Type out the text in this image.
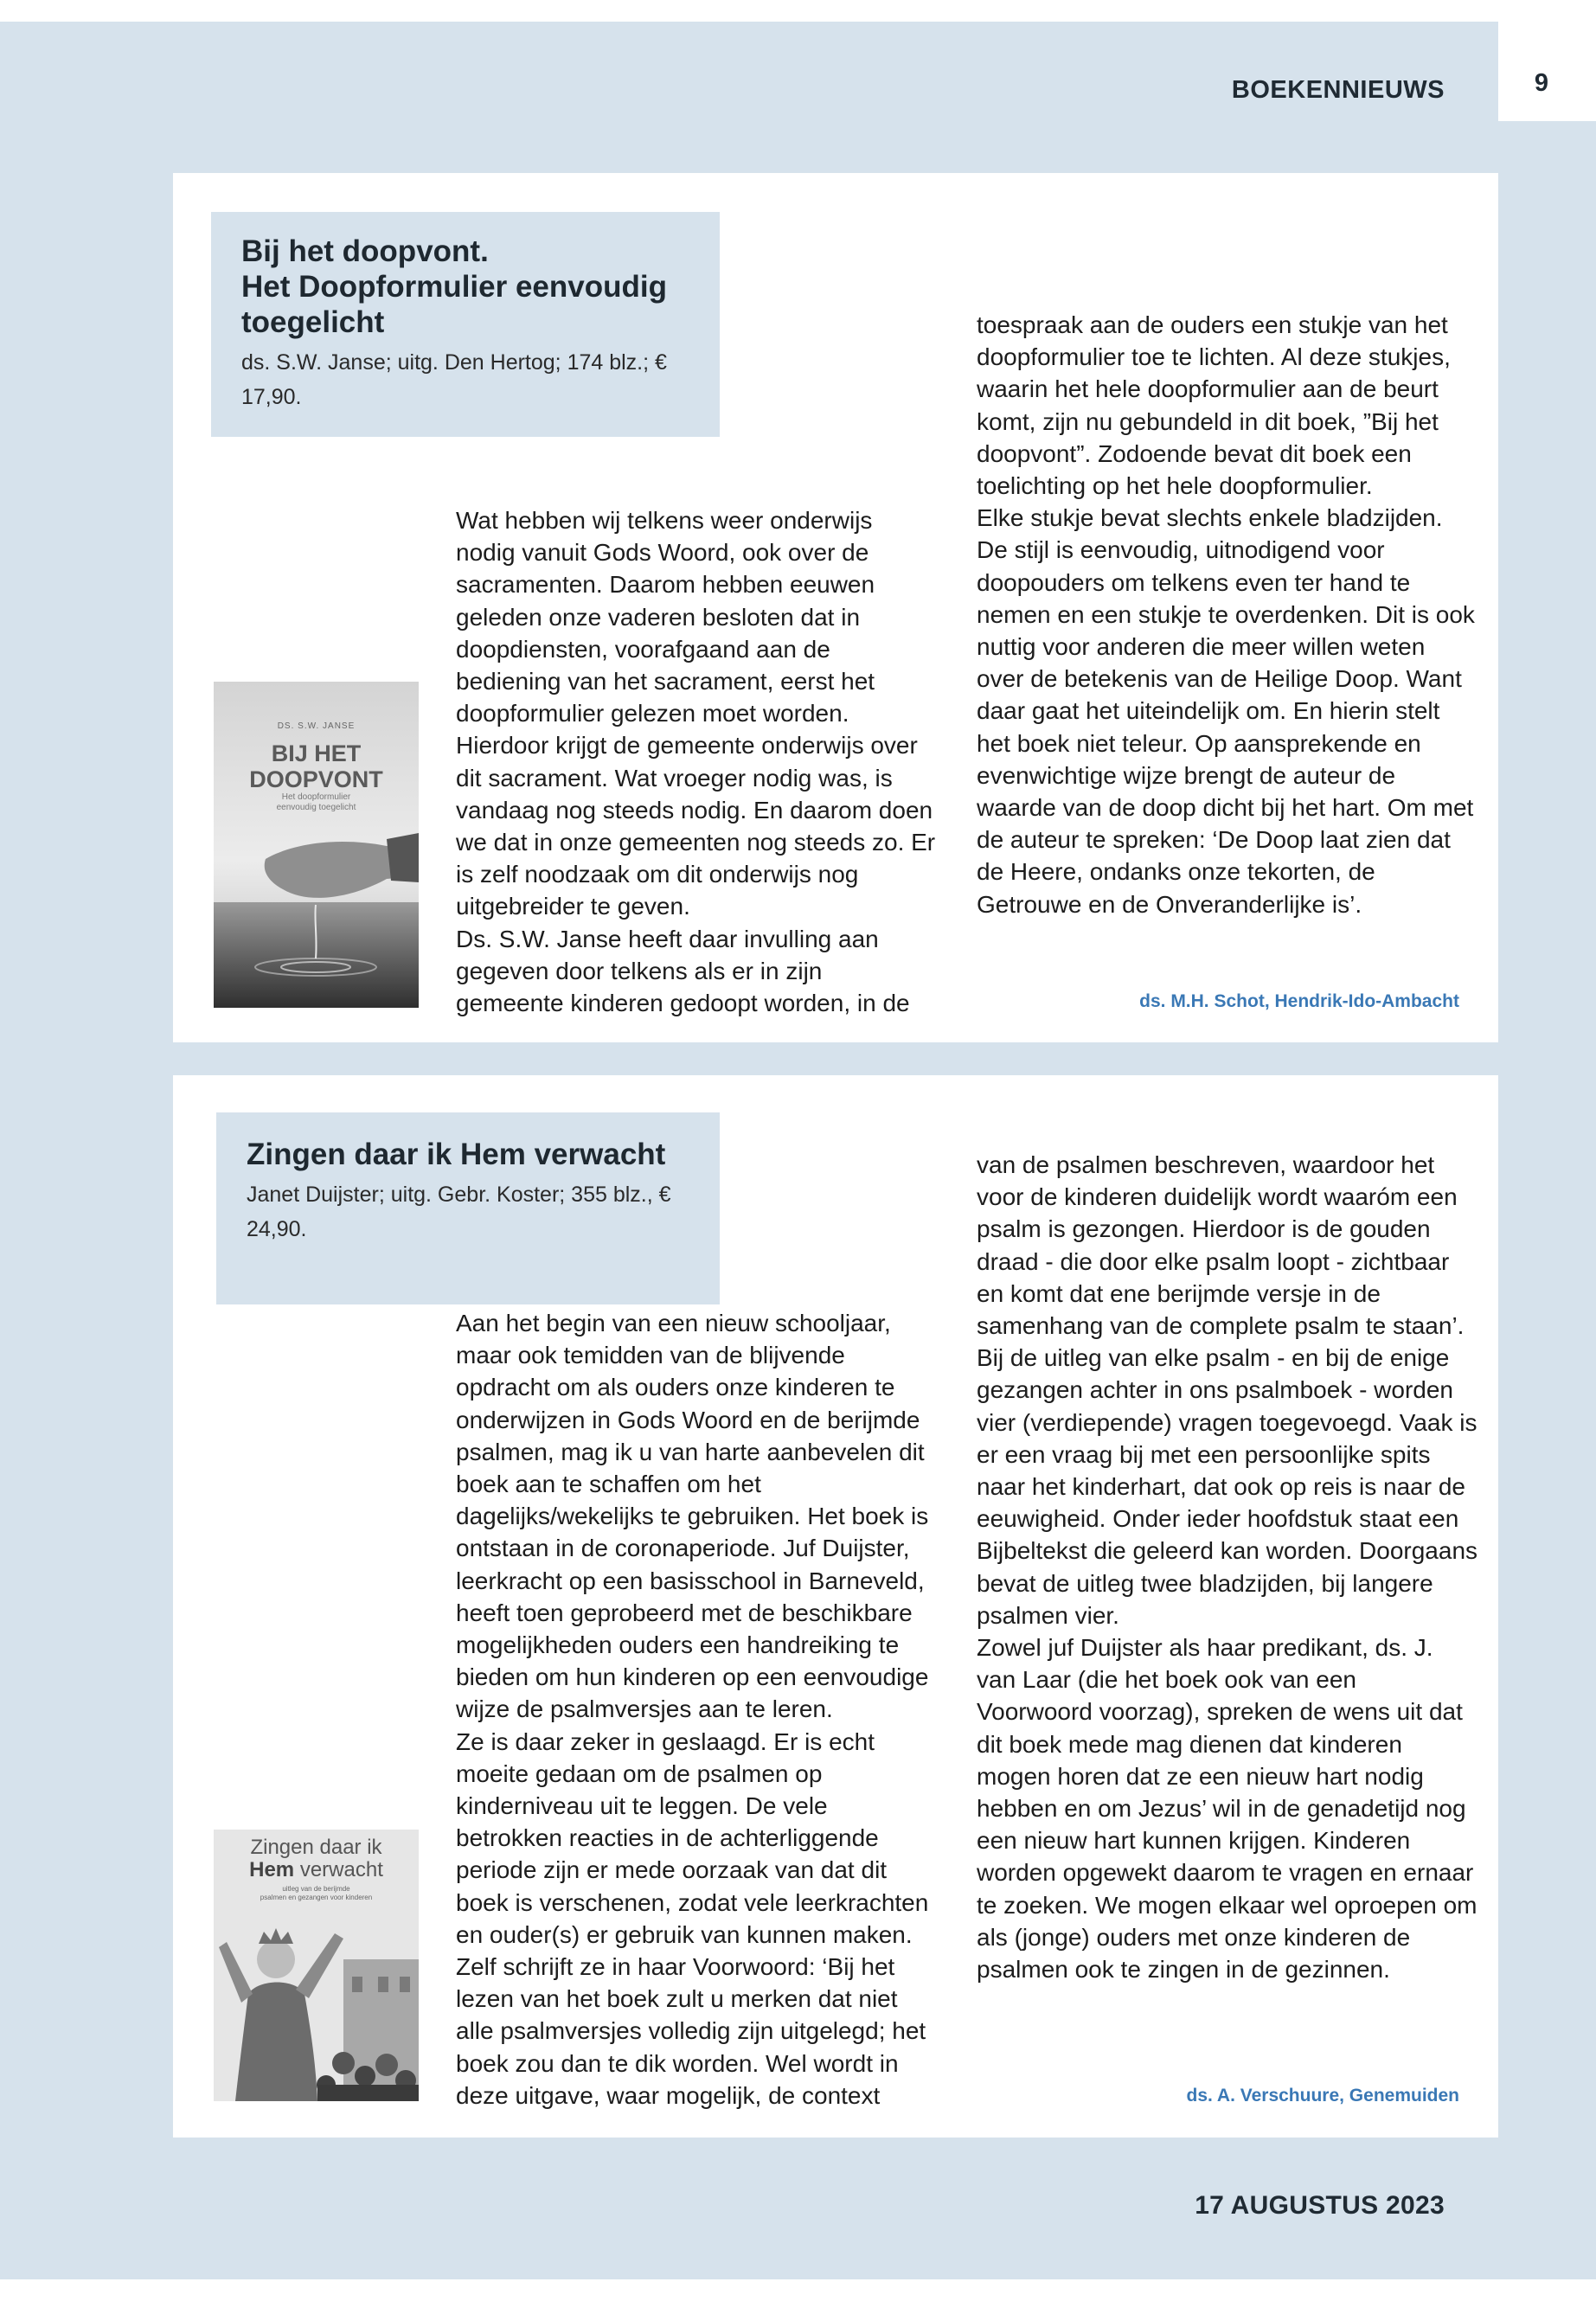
9
BOEKENNIEUWS
Bij het doopvont.
Het Doopformulier eenvoudig
toegelicht

ds. S.W. Janse; uitg. Den Hertog; 174 blz.; € 17,90.

DS. S.W. JANSE
BIJ HET
DOOPVONT
Het doopformulier
eenvoudig toegelicht

Wat hebben wij telkens weer onderwijs nodig vanuit Gods Woord, ook over de sacramenten. Daarom hebben eeuwen geleden onze vaderen besloten dat in doopdiensten, voorafgaand aan de bediening van het sacrament, eerst het doopformulier gelezen moet worden. Hierdoor krijgt de gemeente onderwijs over dit sacrament. Wat vroeger nodig was, is vandaag nog steeds nodig. En daarom doen we dat in onze gemeenten nog steeds zo. Er is zelf noodzaak om dit onderwijs nog uitgebreider te geven.

Ds. S.W. Janse heeft daar invulling aan gegeven door telkens als er in zijn gemeente kinderen gedoopt worden, in de

toespraak aan de ouders een stukje van het doopformulier toe te lichten. Al deze stukjes, waarin het hele doopformulier aan de beurt komt, zijn nu gebundeld in dit boek, ”Bij het doopvont”. Zodoende bevat dit boek een toelichting op het hele doopformulier.

Elke stukje bevat slechts enkele bladzijden. De stijl is eenvoudig, uitnodigend voor doopouders om telkens even ter hand te nemen en een stukje te overdenken. Dit is ook nuttig voor anderen die meer willen weten over de betekenis van de Heilige Doop. Want daar gaat het uiteindelijk om. En hierin stelt het boek niet teleur. Op aansprekende en evenwichtige wijze brengt de auteur de waarde van de doop dicht bij het hart. Om met de auteur te spreken: ‘De Doop laat zien dat de Heere, ondanks onze tekorten, de Getrouwe en de Onveranderlijke is’.

ds. M.H. Schot, Hendrik-Ido-Ambacht
Zingen daar ik Hem verwacht

Janet Duijster; uitg. Gebr. Koster; 355 blz., € 24,90.

Zingen daar ik
Hem verwacht
uitleg van de berijmde
psalmen en gezangen voor kinderen

Aan het begin van een nieuw schooljaar, maar ook temidden van de blijvende opdracht om als ouders onze kinderen te onderwijzen in Gods Woord en de berijmde psalmen, mag ik u van harte aanbevelen dit boek aan te schaffen om het dagelijks/wekelijks te gebruiken. Het boek is ontstaan in de coronaperiode. Juf Duijster, leerkracht op een basisschool in Barneveld, heeft toen geprobeerd met de beschikbare mogelijkheden ouders een handreiking te bieden om hun kinderen op een eenvoudige wijze de psalmversjes aan te leren.

Ze is daar zeker in geslaagd. Er is echt moeite gedaan om de psalmen op kinderniveau uit te leggen. De vele betrokken reacties in de achterliggende periode zijn er mede oorzaak van dat dit boek is verschenen, zodat vele leerkrachten en ouder(s) er gebruik van kunnen maken.

Zelf schrijft ze in haar Voorwoord: ‘Bij het lezen van het boek zult u merken dat niet alle psalmversjes volledig zijn uitgelegd; het boek zou dan te dik worden. Wel wordt in deze uitgave, waar mogelijk, de context

van de psalmen beschreven, waardoor het voor de kinderen duidelijk wordt waaróm een psalm is gezongen. Hierdoor is de gouden draad - die door elke psalm loopt - zichtbaar en komt dat ene berijmde versje in de samenhang van de complete psalm te staan’.

Bij de uitleg van elke psalm - en bij de enige gezangen achter in ons psalmboek - worden vier (verdiepende) vragen toegevoegd. Vaak is er een vraag bij met een persoonlijke spits naar het kinderhart, dat ook op reis is naar de eeuwigheid. Onder ieder hoofdstuk staat een Bijbeltekst die geleerd kan worden. Doorgaans bevat de uitleg twee bladzijden, bij langere psalmen vier.

Zowel juf Duijster als haar predikant, ds. J. van Laar (die het boek ook van een Voorwoord voorzag), spreken de wens uit dat dit boek mede mag dienen dat kinderen mogen horen dat ze een nieuw hart nodig hebben en om Jezus’ wil in de genadetijd nog een nieuw hart kunnen krijgen. Kinderen worden opgewekt daarom te vragen en ernaar te zoeken. We mogen elkaar wel oproepen om als (jonge) ouders met onze kinderen de psalmen ook te zingen in de gezinnen.

ds. A. Verschuure, Genemuiden
17 AUGUSTUS 2023
